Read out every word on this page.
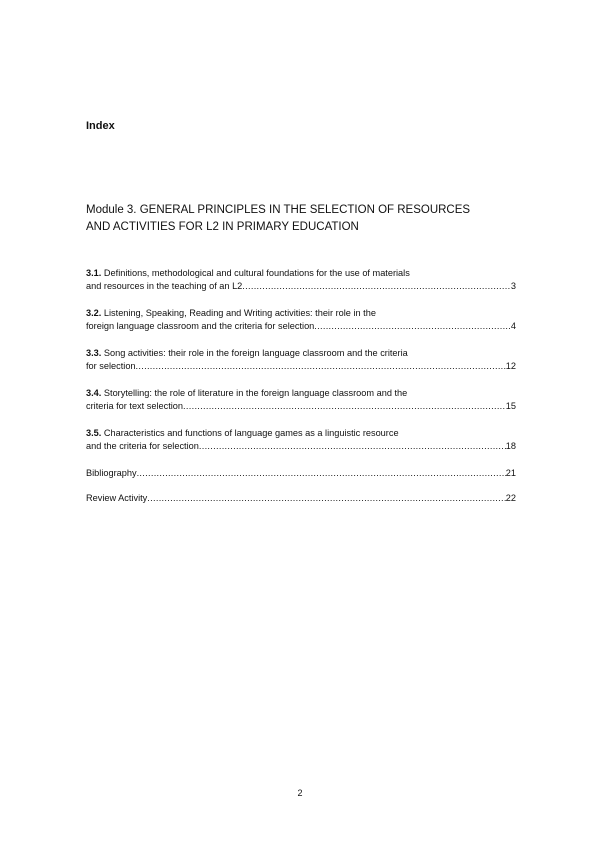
Index
Module 3. GENERAL PRINCIPLES IN THE SELECTION OF RESOURCES
AND ACTIVITIES FOR L2 IN PRIMARY EDUCATION
3.1. Definitions, methodological and cultural foundations for the use of materials
and resources in the teaching of an L2 .....	3
3.2. Listening, Speaking, Reading and Writing activities: their role in the
foreign language classroom and the criteria for selection .....	4
3.3. Song activities: their role in the foreign language classroom and the criteria
for selection .....	12
3.4. Storytelling: the role of literature in the foreign language classroom and the
criteria for text selection .....	15
3.5. Characteristics and functions of language games as a linguistic resource
and the criteria for selection .....	18
Bibliography .....	21
Review Activity .....	22
2
